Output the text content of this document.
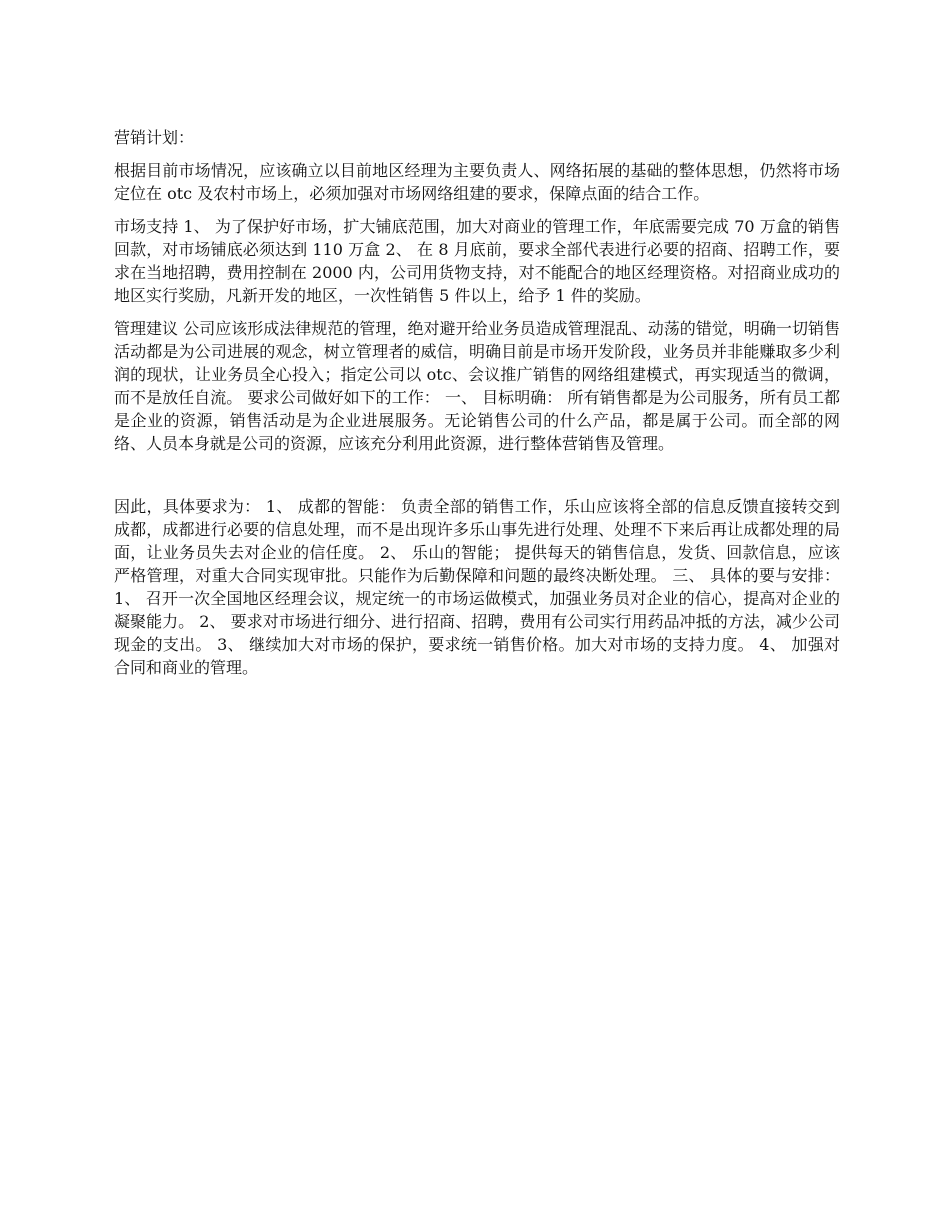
营销计划：

根据目前市场情况，应该确立以目前地区经理为主要负责人、网络拓展的基础的整体思想，仍然将市场定位在 otc 及农村市场上，必须加强对市场网络组建的要求，保障点面的结合工作。

市场支持 1、 为了保护好市场，扩大铺底范围，加大对商业的管理工作，年底需要完成 70 万盒的销售回款，对市场铺底必须达到 110 万盒 2、 在 8 月底前，要求全部代表进行必要的招商、招聘工作，要求在当地招聘，费用控制在 2000 内，公司用货物支持，对不能配合的地区经理资格。对招商业成功的地区实行奖励，凡新开发的地区，一次性销售 5 件以上，给予 1 件的奖励。

管理建议 公司应该形成法律规范的管理，绝对避开给业务员造成管理混乱、动荡的错觉，明确一切销售活动都是为公司进展的观念，树立管理者的威信，明确目前是市场开发阶段，业务员并非能赚取多少利润的现状，让业务员全心投入；指定公司以 otc、会议推广销售的网络组建模式，再实现适当的微调，而不是放任自流。 要求公司做好如下的工作： 一、 目标明确： 所有销售都是为公司服务，所有员工都是企业的资源，销售活动是为企业进展服务。无论销售公司的什么产品，都是属于公司。而全部的网络、人员本身就是公司的资源，应该充分利用此资源，进行整体营销售及管理。

因此，具体要求为： 1、 成都的智能： 负责全部的销售工作，乐山应该将全部的信息反馈直接转交到成都，成都进行必要的信息处理，而不是出现许多乐山事先进行处理、处理不下来后再让成都处理的局面，让业务员失去对企业的信任度。 2、 乐山的智能； 提供每天的销售信息，发货、回款信息，应该严格管理，对重大合同实现审批。只能作为后勤保障和问题的最终决断处理。 三、 具体的要与安排： 1、 召开一次全国地区经理会议，规定统一的市场运做模式，加强业务员对企业的信心，提高对企业的凝聚能力。 2、 要求对市场进行细分、进行招商、招聘，费用有公司实行用药品冲抵的方法，减少公司现金的支出。 3、 继续加大对市场的保护，要求统一销售价格。加大对市场的支持力度。 4、 加强对合同和商业的管理。
